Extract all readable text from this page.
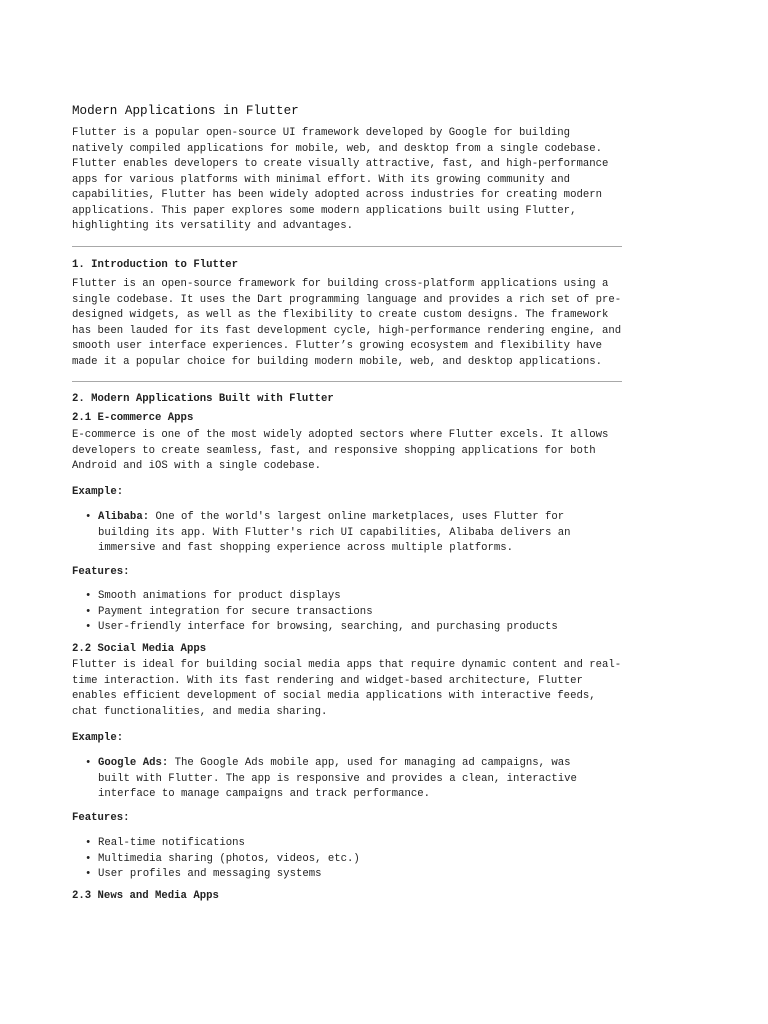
Modern Applications in Flutter

Flutter is a popular open-source UI framework developed by Google for building
natively compiled applications for mobile, web, and desktop from a single codebase.
Flutter enables developers to create visually attractive, fast, and high-performance
apps for various platforms with minimal effort. With its growing community and
capabilities, Flutter has been widely adopted across industries for creating modern
applications. This paper explores some modern applications built using Flutter,
highlighting its versatility and advantages.

1. Introduction to Flutter

Flutter is an open-source framework for building cross-platform applications using a
single codebase. It uses the Dart programming language and provides a rich set of pre-
designed widgets, as well as the flexibility to create custom designs. The framework
has been lauded for its fast development cycle, high-performance rendering engine, and
smooth user interface experiences. Flutter’s growing ecosystem and flexibility have
made it a popular choice for building modern mobile, web, and desktop applications.

2. Modern Applications Built with Flutter
2.1 E-commerce Apps

E-commerce is one of the most widely adopted sectors where Flutter excels. It allows
developers to create seamless, fast, and responsive shopping applications for both
Android and iOS with a single codebase.

Example:

• Alibaba: One of the world's largest online marketplaces, uses Flutter for
building its app. With Flutter's rich UI capabilities, Alibaba delivers an
immersive and fast shopping experience across multiple platforms.

Features:

• Smooth animations for product displays
• Payment integration for secure transactions
• User-friendly interface for browsing, searching, and purchasing products
2.2 Social Media Apps

Flutter is ideal for building social media apps that require dynamic content and real-
time interaction. With its fast rendering and widget-based architecture, Flutter
enables efficient development of social media applications with interactive feeds,
chat functionalities, and media sharing.

Example:

• Google Ads: The Google Ads mobile app, used for managing ad campaigns, was
built with Flutter. The app is responsive and provides a clean, interactive
interface to manage campaigns and track performance.

Features:

• Real-time notifications
• Multimedia sharing (photos, videos, etc.)
• User profiles and messaging systems
2.3 News and Media Apps
